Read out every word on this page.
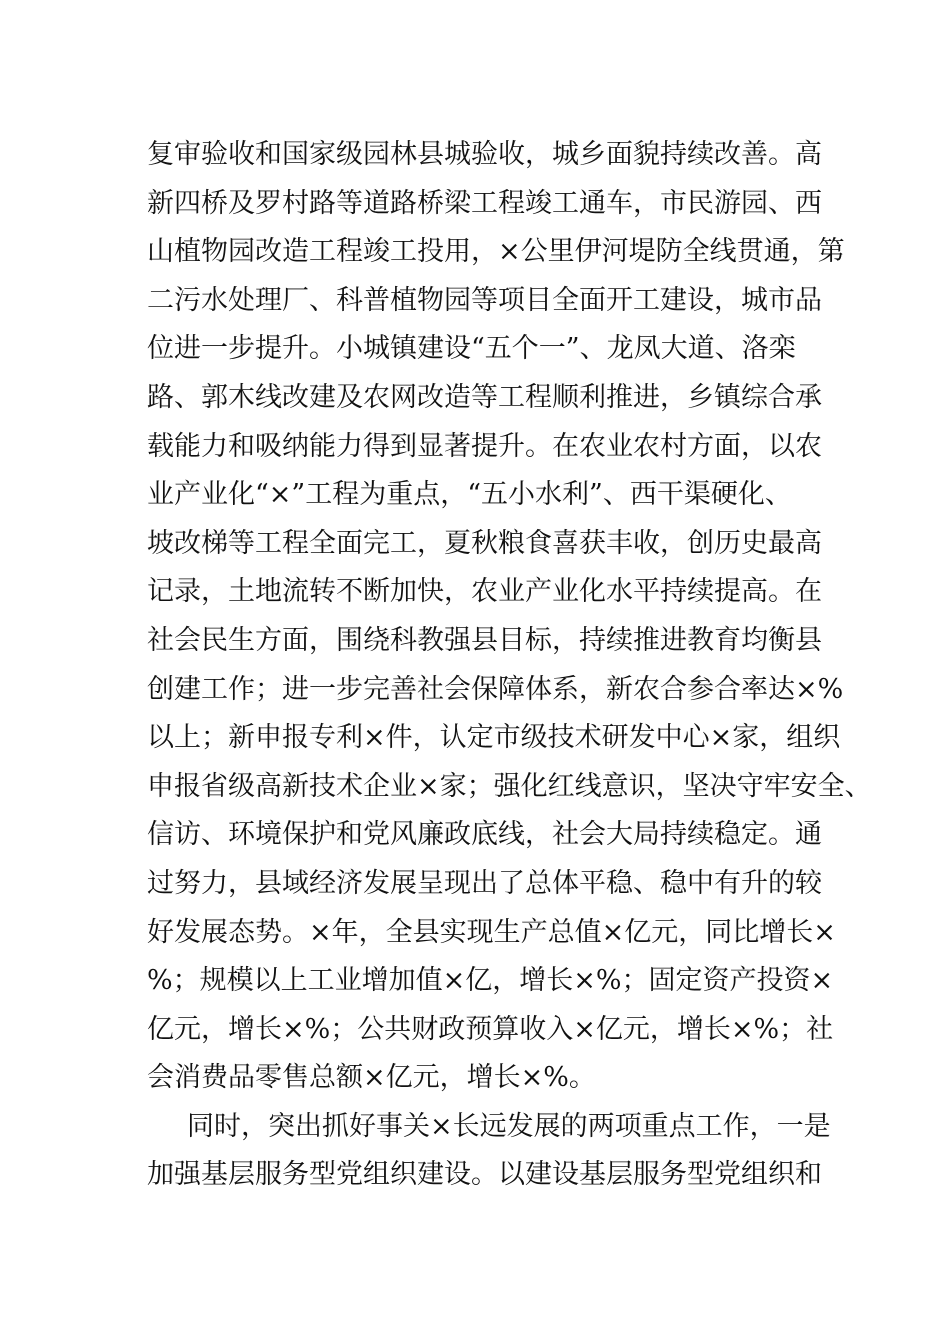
复审验收和国家级园林县城验收，城乡面貌持续改善。高
新四桥及罗村路等道路桥梁工程竣工通车，市民游园、西
山植物园改造工程竣工投用，×公里伊河堤防全线贯通，第
二污水处理厂、科普植物园等项目全面开工建设，城市品
位进一步提升。小城镇建设“五个一”、龙凤大道、洛栾
路、郭木线改建及农网改造等工程顺利推进，乡镇综合承
载能力和吸纳能力得到显著提升。在农业农村方面，以农
业产业化“×”工程为重点，“五小水利”、西干渠硬化、
坡改梯等工程全面完工，夏秋粮食喜获丰收，创历史最高
记录，土地流转不断加快，农业产业化水平持续提高。在
社会民生方面，围绕科教强县目标，持续推进教育均衡县
创建工作；进一步完善社会保障体系，新农合参合率达×%
以上；新申报专利×件，认定市级技术研发中心×家，组织
申报省级高新技术企业×家；强化红线意识，坚决守牢安全、
信访、环境保护和党风廉政底线，社会大局持续稳定。通
过努力，县域经济发展呈现出了总体平稳、稳中有升的较
好发展态势。×年，全县实现生产总值×亿元，同比增长×
%；规模以上工业增加值×亿，增长×%；固定资产投资×
亿元，增长×%；公共财政预算收入×亿元，增长×%；社
会消费品零售总额×亿元，增长×%。
同时，突出抓好事关×长远发展的两项重点工作，一是
加强基层服务型党组织建设。以建设基层服务型党组织和
